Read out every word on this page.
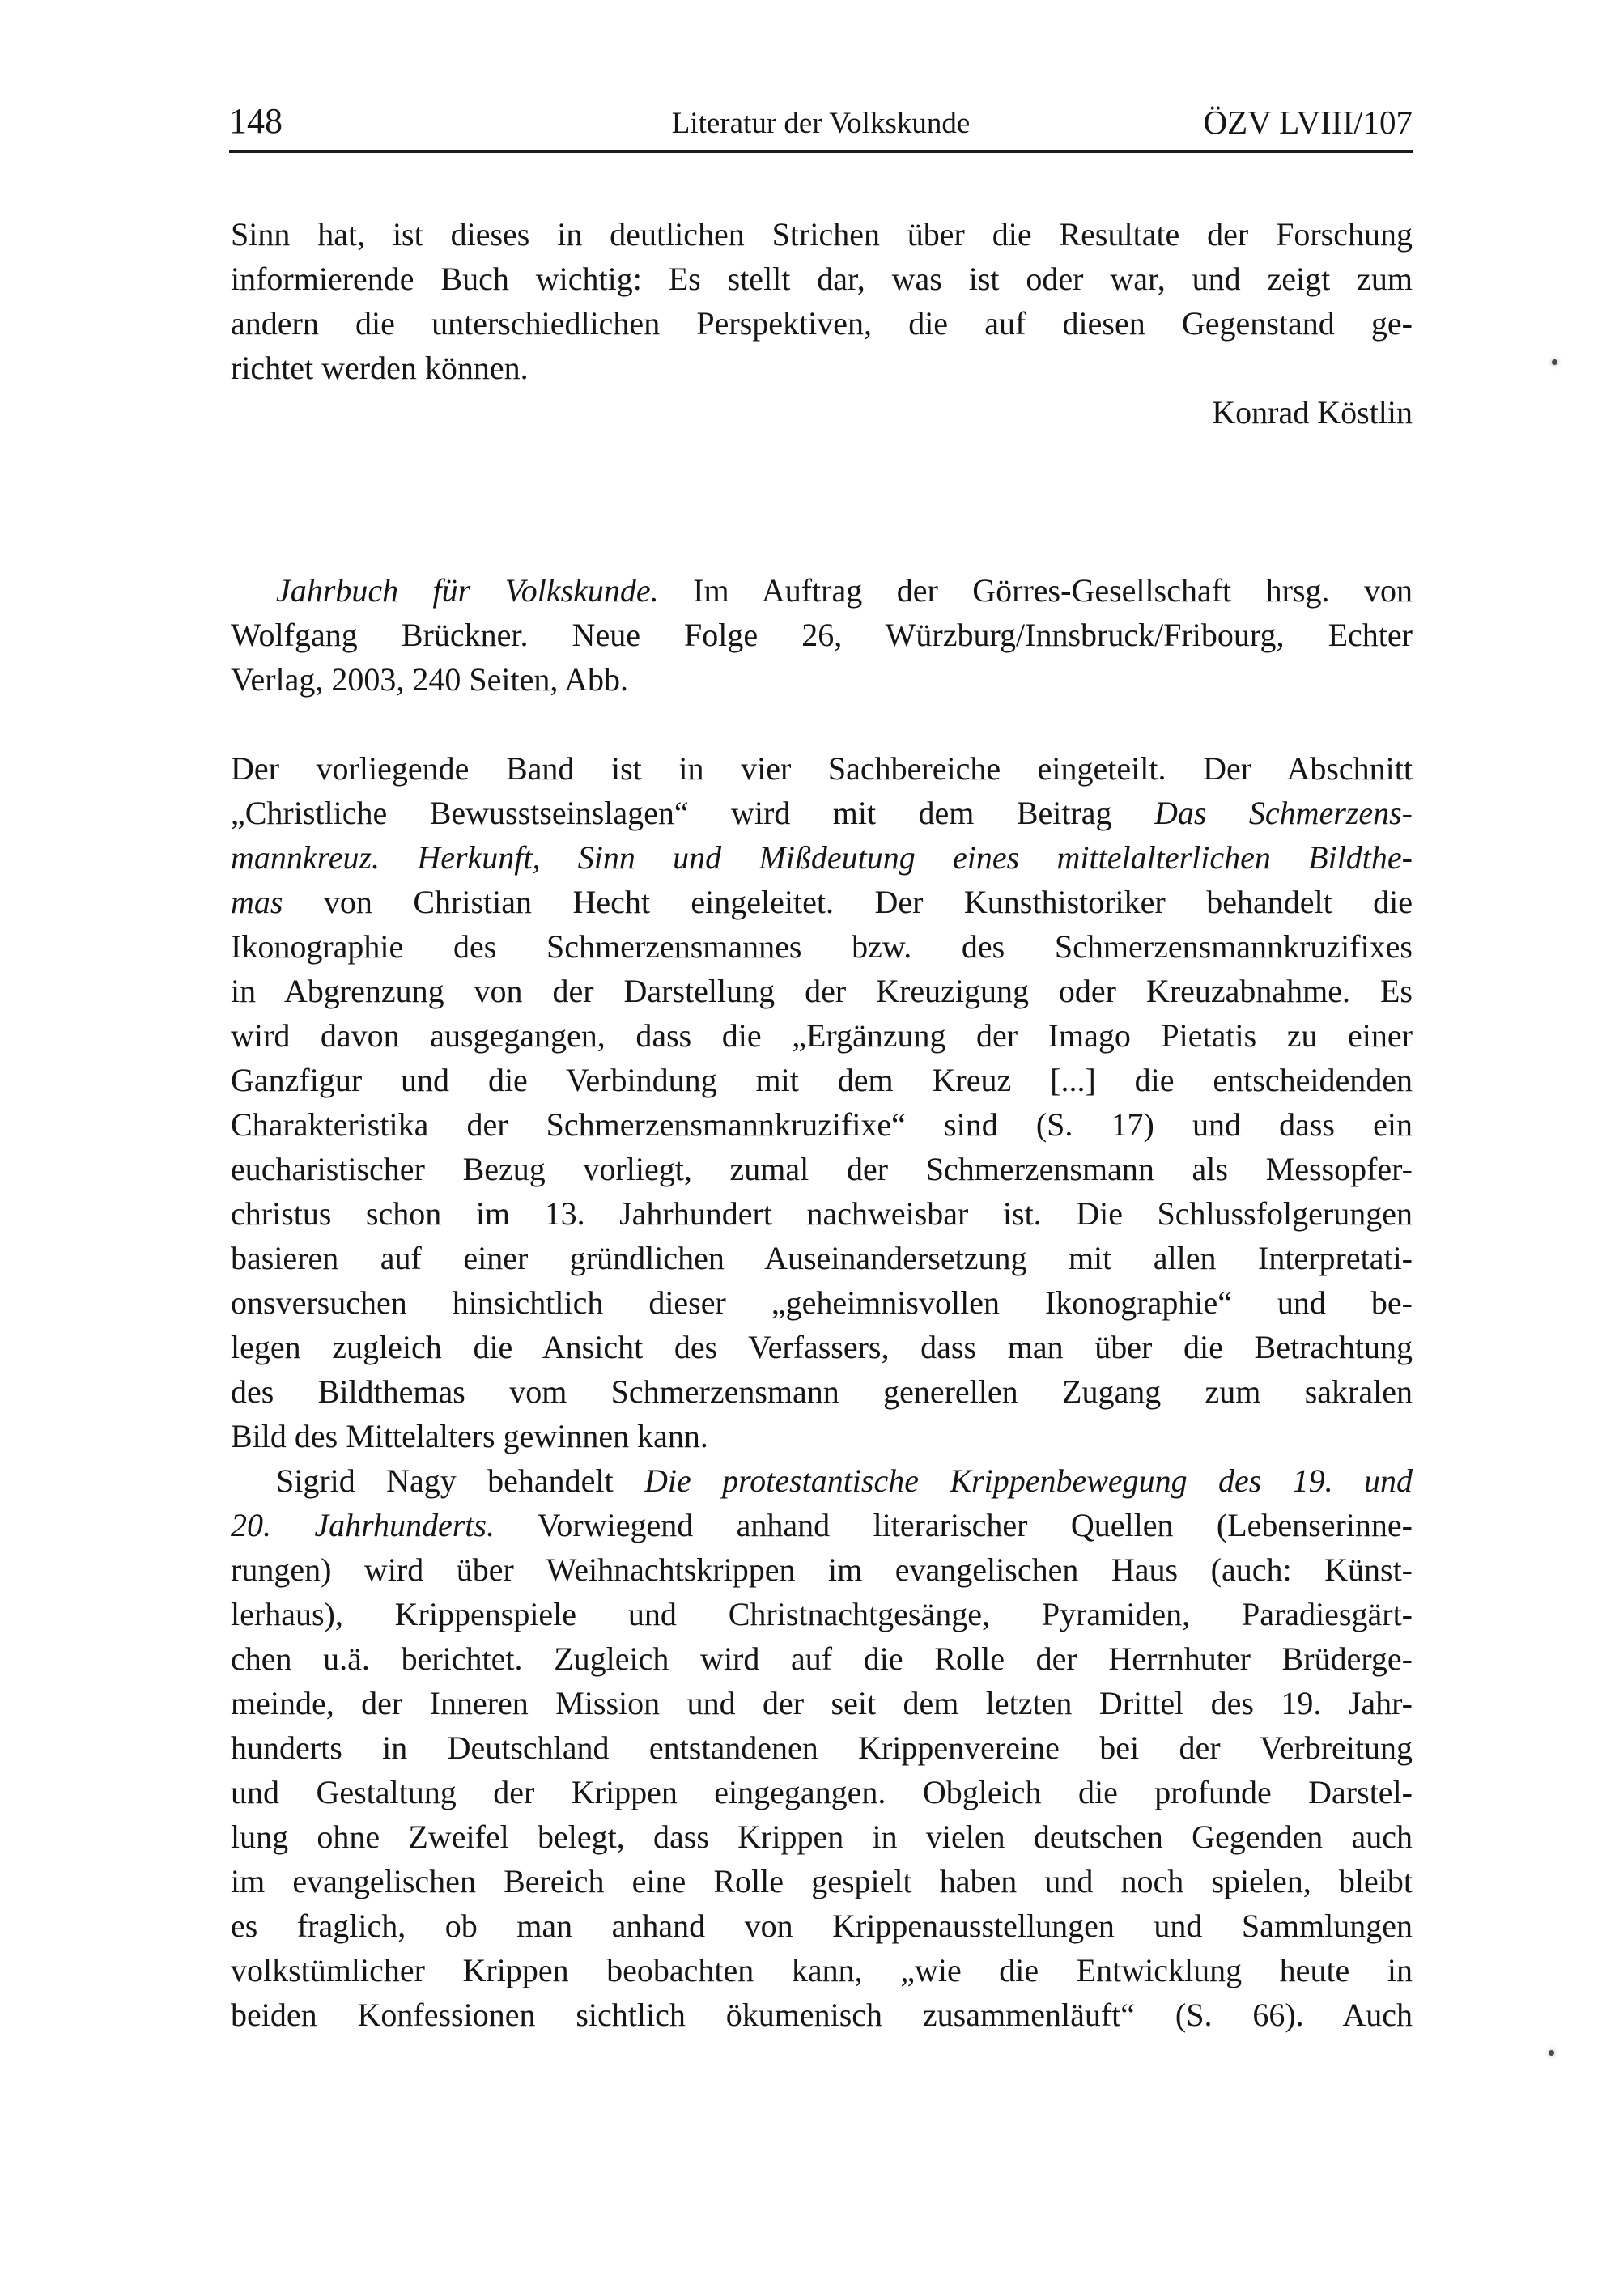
148	Literatur der Volkskunde	ÖZV LVIII/107
Sinn hat, ist dieses in deutlichen Strichen über die Resultate der Forschung
informierende Buch wichtig: Es stellt dar, was ist oder war, und zeigt zum
andern die unterschiedlichen Perspektiven, die auf diesen Gegenstand ge-
richtet werden können.
Konrad Köstlin
Jahrbuch für Volkskunde. Im Auftrag der Görres-Gesellschaft hrsg. von
Wolfgang Brückner. Neue Folge 26, Würzburg/Innsbruck/Fribourg, Echter
Verlag, 2003, 240 Seiten, Abb.
Der vorliegende Band ist in vier Sachbereiche eingeteilt. Der Abschnitt
„Christliche Bewusstseinslagen“ wird mit dem Beitrag Das Schmerzens-
mannkreuz. Herkunft, Sinn und Mißdeutung eines mittelalterlichen Bildthe-
mas von Christian Hecht eingeleitet. Der Kunsthistoriker behandelt die
Ikonographie des Schmerzensmannes bzw. des Schmerzensmannkruzifixes
in Abgrenzung von der Darstellung der Kreuzigung oder Kreuzabnahme. Es
wird davon ausgegangen, dass die „Ergänzung der Imago Pietatis zu einer
Ganzfigur und die Verbindung mit dem Kreuz [...] die entscheidenden
Charakteristika der Schmerzensmannkruzifixe“ sind (S. 17) und dass ein
eucharistischer Bezug vorliegt, zumal der Schmerzensmann als Messopfer-
christus schon im 13. Jahrhundert nachweisbar ist. Die Schlussfolgerungen
basieren auf einer gründlichen Auseinandersetzung mit allen Interpretati-
onsversuchen hinsichtlich dieser „geheimnisvollen Ikonographie“ und be-
legen zugleich die Ansicht des Verfassers, dass man über die Betrachtung
des Bildthemas vom Schmerzensmann generellen Zugang zum sakralen
Bild des Mittelalters gewinnen kann.
Sigrid Nagy behandelt Die protestantische Krippenbewegung des 19. und
20. Jahrhunderts. Vorwiegend anhand literarischer Quellen (Lebenserinne-
rungen) wird über Weihnachtskrippen im evangelischen Haus (auch: Künst-
lerhaus), Krippenspiele und Christnachtgesänge, Pyramiden, Paradiesgärt-
chen u.ä. berichtet. Zugleich wird auf die Rolle der Herrnhuter Brüderge-
meinde, der Inneren Mission und der seit dem letzten Drittel des 19. Jahr-
hunderts in Deutschland entstandenen Krippenvereine bei der Verbreitung
und Gestaltung der Krippen eingegangen. Obgleich die profunde Darstel-
lung ohne Zweifel belegt, dass Krippen in vielen deutschen Gegenden auch
im evangelischen Bereich eine Rolle gespielt haben und noch spielen, bleibt
es fraglich, ob man anhand von Krippenausstellungen und Sammlungen
volkstümlicher Krippen beobachten kann, „wie die Entwicklung heute in
beiden Konfessionen sichtlich ökumenisch zusammenläuft“ (S. 66). Auch
